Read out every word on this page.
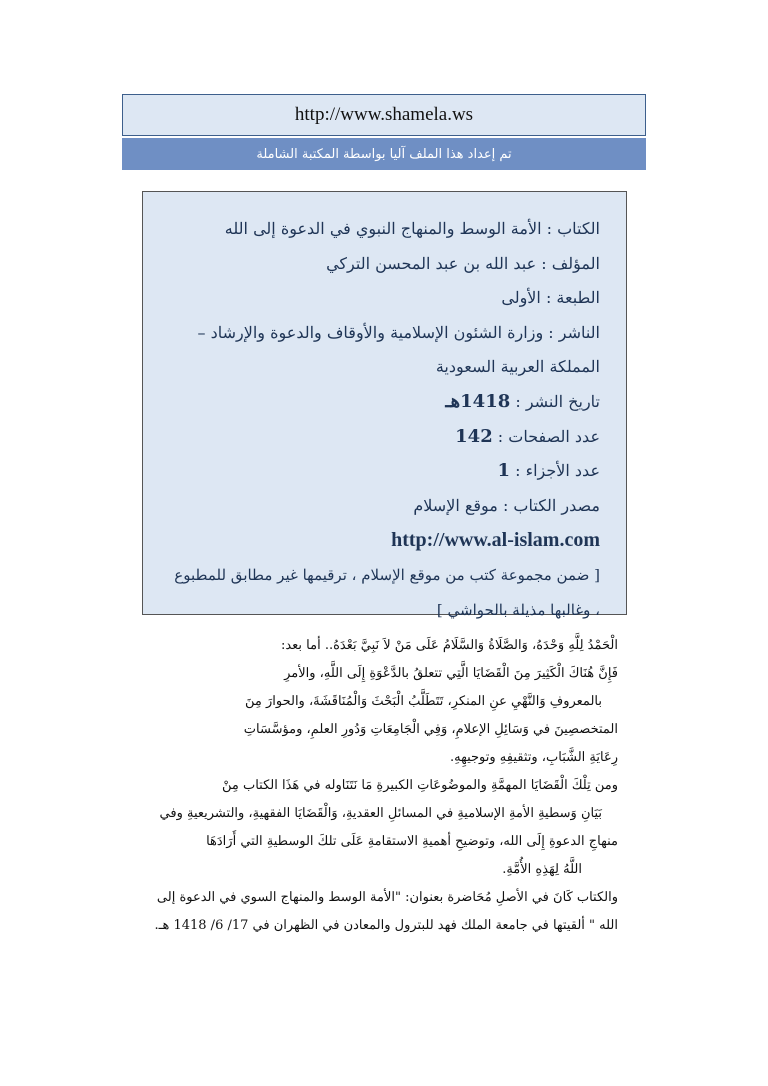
http://www.shamela.ws
تم إعداد هذا الملف آليا بواسطة المكتبة الشاملة
الكتاب : الأمة الوسط والمنهاج النبوي في الدعوة إلى الله
المؤلف : عبد الله بن عبد المحسن التركي
الطبعة : الأولى
الناشر : وزارة الشئون الإسلامية والأوقاف والدعوة والإرشاد –
المملكة العربية السعودية
تاريخ النشر : 1418هـ
عدد الصفحات : 142
عدد الأجزاء : 1
مصدر الكتاب : موقع الإسلام
http://www.al-islam.com
[ ضمن مجموعة كتب من موقع الإسلام ، ترقيمها غير مطابق للمطبوع
، وغالبها مذيلة بالحواشي ]
الْحَمْدُ لِلَّهِ وَحْدَهُ، وَالصَّلَاةُ وَالسَّلَامُ عَلَى مَنْ لاَ نَبِيَّ بَعْدَهُ.. أما بعد:
فَإِنَّ هُنَاكَ الْكَثِيرَ مِنَ الْقَضَايَا الَّتِي تتعلقُ بالدَّعْوَةِ إِلَى اللَّهِ، والأمرِ
بالمعروفِ وَالنَّهْيِ عنِ المنكرِ، تَتَطَلَّبُ الْبَحْثَ وَالْمُنَاقَشَةَ، والحوارَ مِنَ
المتخصصِينَ في وَسَائِلِ الإعلامِ، وَفِي الْجَامِعَاتِ وَدُورِ العلمِ، ومؤسَّسَاتِ
رِعَايَةِ الشَّبَابِ، وتثقيفِهِ وتوجيهِهِ.
ومن تِلْكَ الْقَضَايَا المهمَّةِ والموضُوعَاتِ الكبيرةِ مَا نَتَنَاوله في هَذَا الكتاب مِنْ
بَيَانِ وَسطيةِ الأمةِ الإسلاميةِ في المسائلِ العقديةِ، وَالْقَضَايَا الفقهيةِ، والتشريعيةِ وفي
منهاجِ الدعوةِ إِلَى الله، وتوضيحِ أهميةِ الاستقامةِ عَلَى تلكَ الوسطيةِ التي أَرَادَهَا
اللَّهُ لِهَذِهِ الأُمَّةِ.
والكتاب كَانَ في الأصلِ مُحَاضرة بعنوان: "الأمة الوسط والمنهاج السوي في الدعوة إلى
الله " ألقيتها في جامعة الملك فهد للبترول والمعادن في الظهران في 17/ 6/ 1418 هـ.
